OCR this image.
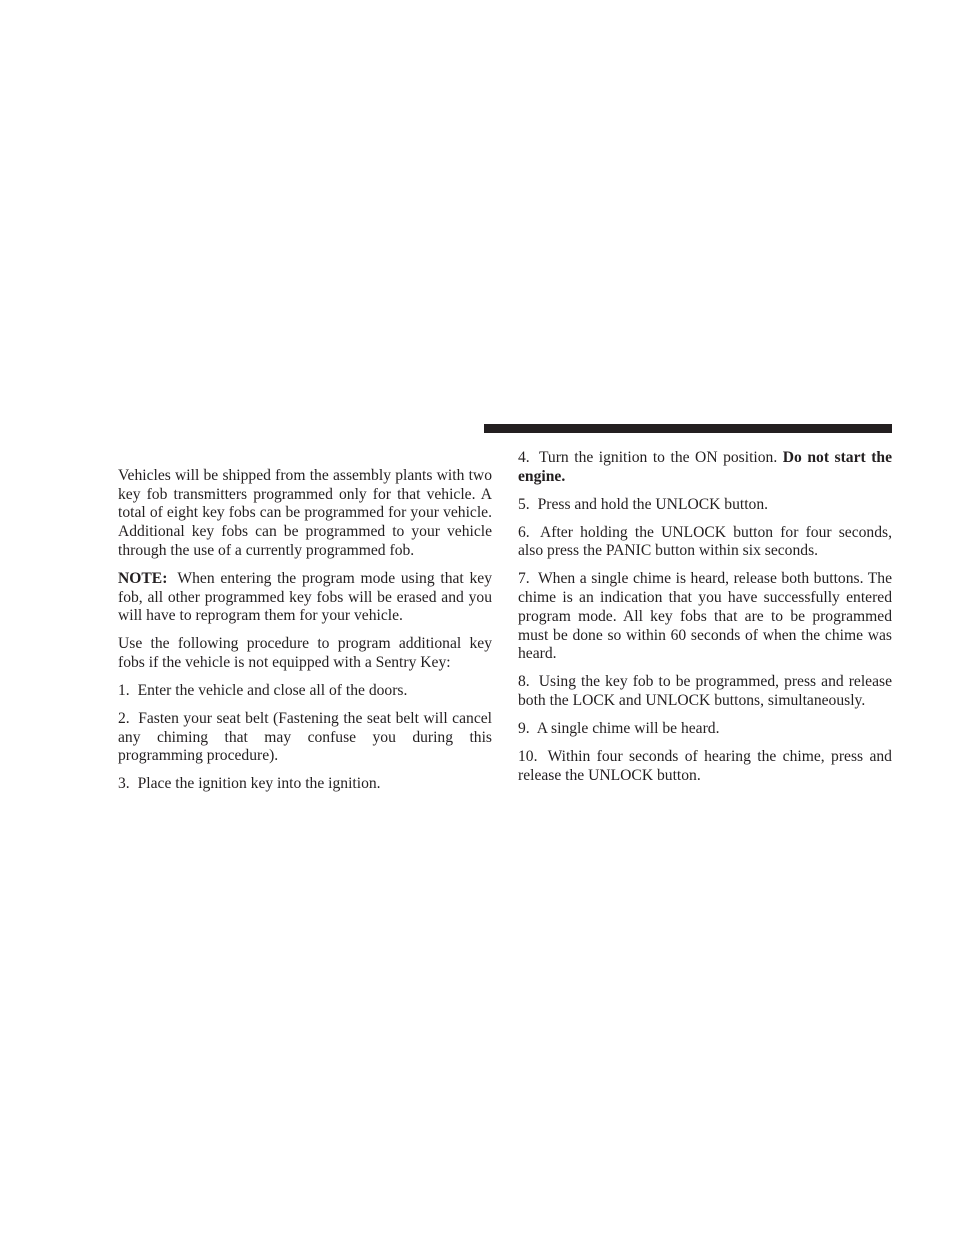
Vehicles will be shipped from the assembly plants with two key fob transmitters programmed only for that vehicle. A total of eight key fobs can be programmed for your vehicle. Additional key fobs can be programmed to your vehicle through the use of a currently programmed fob.

NOTE: When entering the program mode using that key fob, all other programmed key fobs will be erased and you will have to reprogram them for your vehicle.

Use the following procedure to program additional key fobs if the vehicle is not equipped with a Sentry Key:

1. Enter the vehicle and close all of the doors.

2. Fasten your seat belt (Fastening the seat belt will cancel any chiming that may confuse you during this programming procedure).

3. Place the ignition key into the ignition.

4. Turn the ignition to the ON position. Do not start the engine.

5. Press and hold the UNLOCK button.

6. After holding the UNLOCK button for four seconds, also press the PANIC button within six seconds.

7. When a single chime is heard, release both buttons. The chime is an indication that you have successfully entered program mode. All key fobs that are to be programmed must be done so within 60 seconds of when the chime was heard.

8. Using the key fob to be programmed, press and release both the LOCK and UNLOCK buttons, simultaneously.

9. A single chime will be heard.

10. Within four seconds of hearing the chime, press and release the UNLOCK button.
